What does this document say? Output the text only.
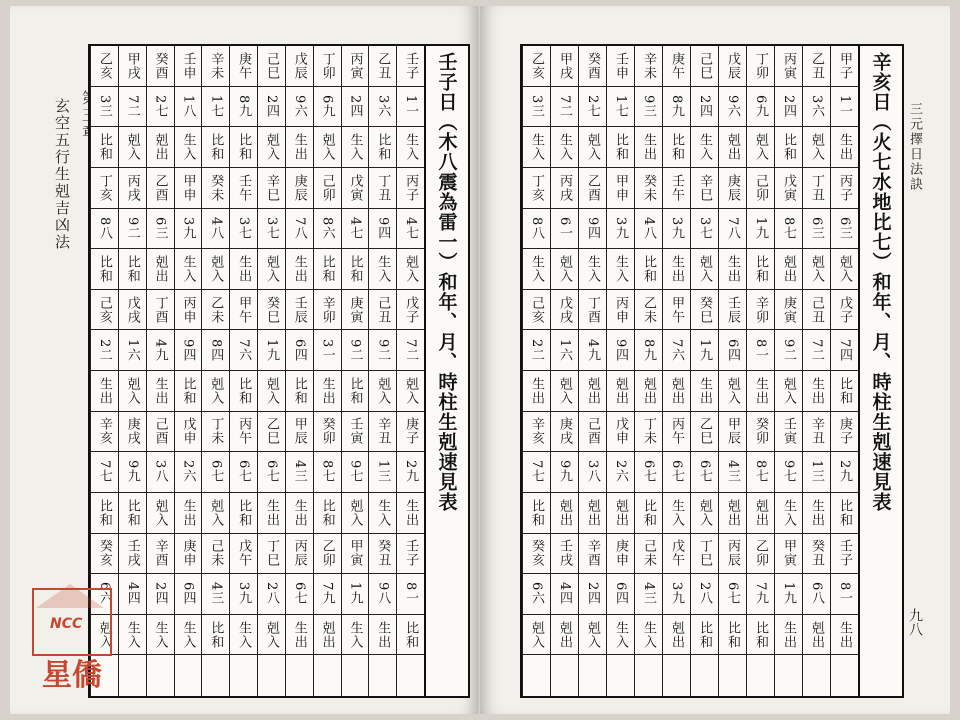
玄空五行生剋吉凶法	壬子日（木八震為雷一）和年、月、時柱生剋速見表
壬子
1一
生入
丙子
4七
剋入
戊子
7二
剋入
庚子
2九
生出
壬子
8一
比和
乙丑
3六
比和
丁丑
9四
生入
己丑
9二
剋入
辛丑
1三
生入
癸丑
9八
生出
丙寅
2四
生入
戊寅
4七
比和
庚寅
9二
比和
壬寅
9七
剋入
甲寅
1九
生入
丁卯
6九
剋入
己卯
8六
比和
辛卯
3一
生出
癸卯
8七
比和
乙卯
7九
剋出
戊辰
9六
生出
庚辰
7八
生出
壬辰
6四
比和
甲辰
4三
生出
丙辰
6七
生出
己巳
2四
剋入
辛巳
3七
剋入
癸巳
1九
剋入
乙巳
6七
生出
丁巳
2八
剋入
庚午
8九
比和
壬午
3七
生出
甲午
7六
比和
丙午
6七
比和
戊午
3九
生入
辛未
1七
比和
癸未
4八
剋入
乙未
8四
剋入
丁未
6七
剋入
己未
4三
比和
壬申
1八
生入
甲申
3九
生入
丙申
9四
比和
戊申
2六
生出
庚申
6四
生入
癸酉
2七
剋出
乙酉
6三
剋出
丁酉
4九
生出
己酉
3八
剋入
辛酉
2四
生入
甲戌
7二
剋入
丙戌
9二
比和
戊戌
1六
剋入
庚戌
9九
比和
壬戌
4四
生入
乙亥
3三
比和
丁亥
8八
比和
己亥
2二
生出
辛亥
7七
比和
癸亥
6六
剋入
辛亥日（火七水地比七）和年、月、時柱生剋速見表
甲子
1一
生出
丙子
6三
剋入
戊子
7四
比和
庚子
2九
比和
壬子
8一
生出
乙丑
3六
剋入
丁丑
6三
剋入
己丑
7二
生出
辛丑
1三
生出
癸丑
6八
剋出
丙寅
2四
比和
戊寅
8七
剋出
庚寅
9二
剋入
壬寅
9七
生入
甲寅
1九
生出
丁卯
6九
剋入
己卯
1九
比和
辛卯
8一
生出
癸卯
8七
剋出
乙卯
7九
比和
戊辰
9六
剋出
庚辰
7八
生出
壬辰
6四
剋入
甲辰
4三
剋出
丙辰
6七
比和
己巳
2四
生入
辛巳
3七
剋入
癸巳
1九
生出
乙巳
6七
剋入
丁巳
2八
比和
庚午
8九
比和
壬午
3九
生出
甲午
7六
剋出
丙午
6七
生入
戊午
3九
剋出
辛未
9三
生出
癸未
4八
比和
乙未
8九
剋出
丁未
6七
比和
己未
4三
生入
壬申
1七
比和
甲申
3九
生入
丙申
9四
剋出
戊申
2六
剋出
庚申
6四
生入
癸酉
2七
剋入
乙酉
9四
生入
丁酉
4九
剋出
己酉
3八
剋出
辛酉
2四
剋入
甲戌
7二
生入
丙戌
6一
剋入
戊戌
1六
剋入
庚戌
9九
剋出
壬戌
4四
剋出
乙亥
3三
生入
丁亥
8八
生入
己亥
2二
生出
辛亥
7七
比和
癸亥
6六
剋入
三元擇日法訣
九八
NCC
星僑
